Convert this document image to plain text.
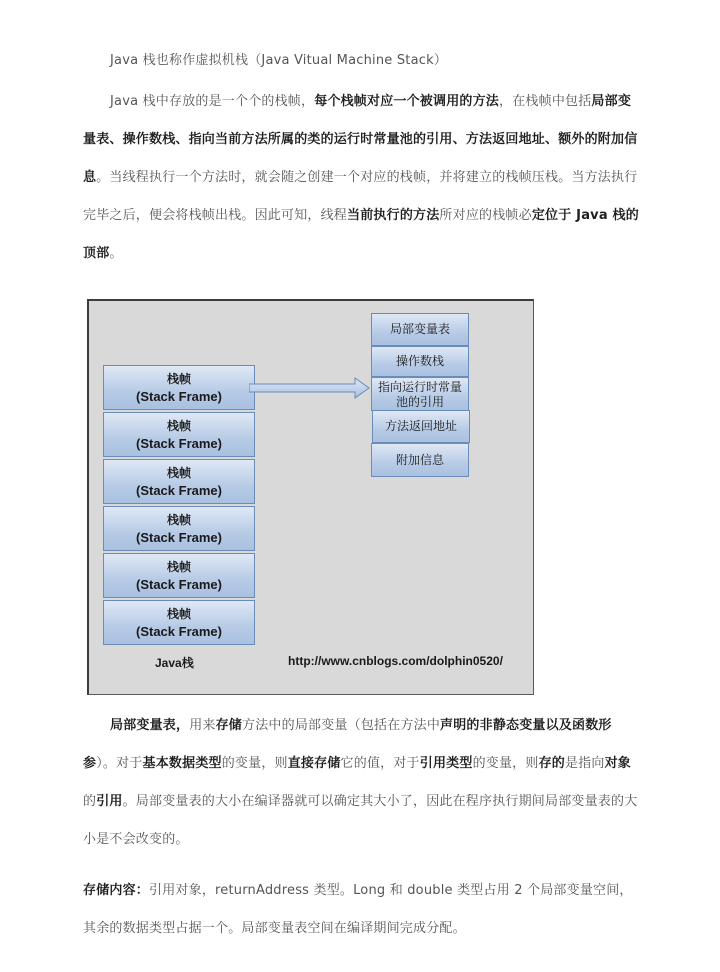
Java 栈也称作虚拟机栈（Java Vitual Machine Stack）
Java 栈中存放的是一个个的栈帧，每个栈帧对应一个被调用的方法，在栈帧中包括局部变量表、操作数栈、指向当前方法所属的类的运行时常量池的引用、方法返回地址、额外的附加信息。当线程执行一个方法时，就会随之创建一个对应的栈帧，并将建立的栈帧压栈。当方法执行完毕之后，便会将栈帧出栈。因此可知，线程当前执行的方法所对应的栈帧必定位于 Java 栈的顶部。
栈帧
(Stack Frame)
栈帧
(Stack Frame)
栈帧
(Stack Frame)
栈帧
(Stack Frame)
栈帧
(Stack Frame)
栈帧
(Stack Frame)
局部变量表
操作数栈
指向运行时常量
池的引用
方法返回地址
附加信息
Java栈	http://www.cnblogs.com/dolphin0520/
局部变量表，用来存储方法中的局部变量（包括在方法中声明的非静态变量以及函数形参）。对于基本数据类型的变量，则直接存储它的值，对于引用类型的变量，则存的是指向对象的引用。局部变量表的大小在编译器就可以确定其大小了，因此在程序执行期间局部变量表的大小是不会改变的。
存储内容：引用对象，returnAddress 类型。Long 和 double 类型占用 2 个局部变量空间，其余的数据类型占据一个。局部变量表空间在编译期间完成分配。
